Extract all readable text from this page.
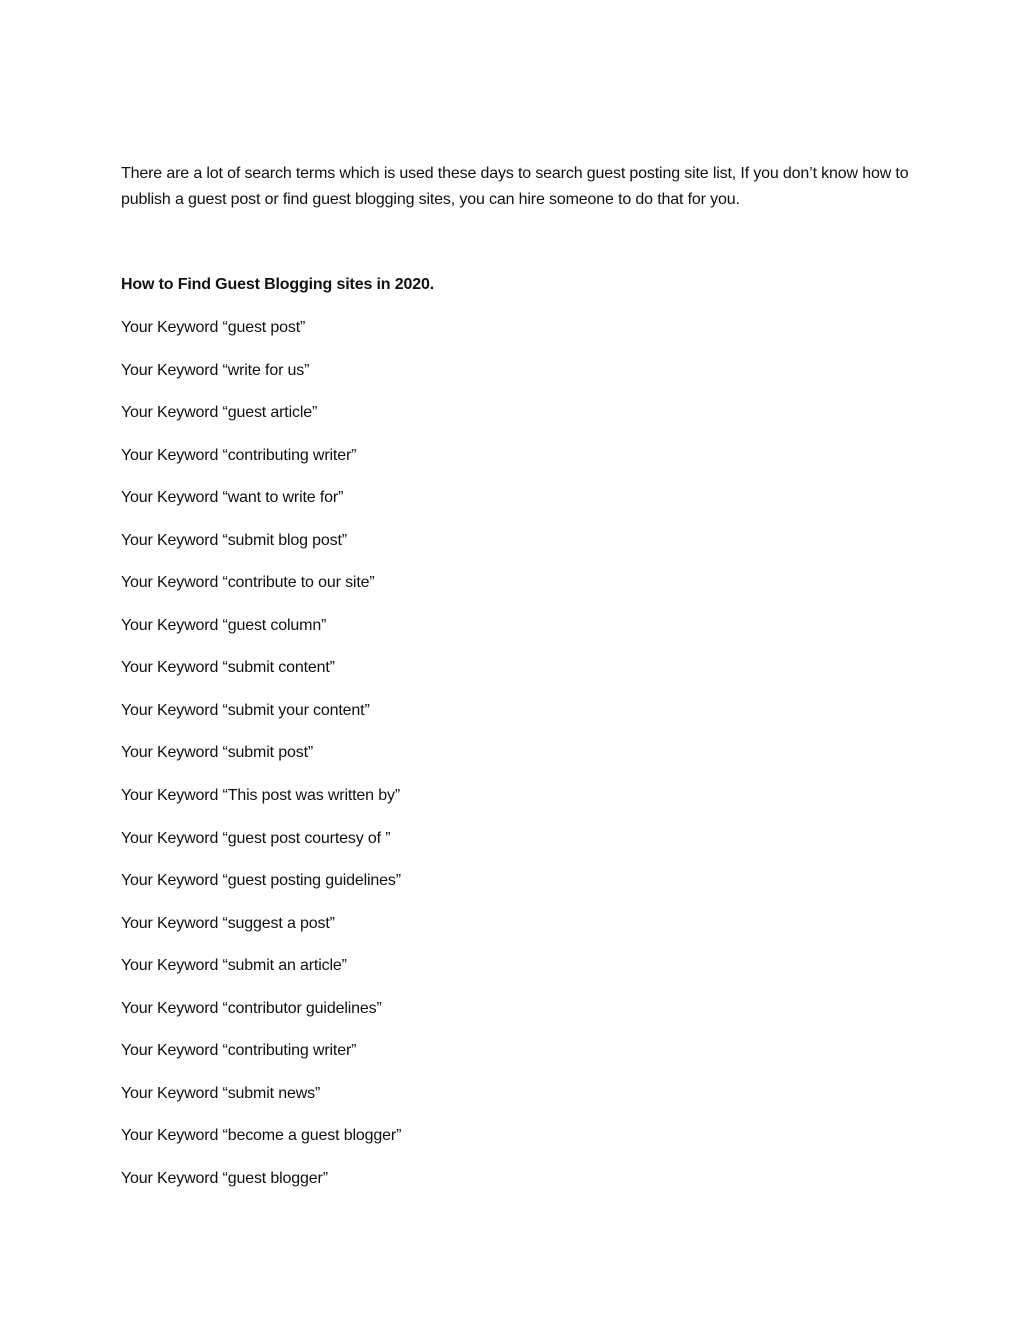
There are a lot of search terms which is used these days to search guest posting site list, If you don’t know how to publish a guest post or find guest blogging sites, you can hire someone to do that for you.

How to Find Guest Blogging sites in 2020.
Your Keyword “guest post”
Your Keyword “write for us”
Your Keyword “guest article”
Your Keyword “contributing writer”
Your Keyword “want to write for”
Your Keyword “submit blog post”
Your Keyword “contribute to our site”
Your Keyword “guest column”
Your Keyword “submit content”
Your Keyword “submit your content”
Your Keyword “submit post”
Your Keyword “This post was written by”
Your Keyword “guest post courtesy of ”
Your Keyword “guest posting guidelines”
Your Keyword “suggest a post”
Your Keyword “submit an article”
Your Keyword “contributor guidelines”
Your Keyword “contributing writer”
Your Keyword “submit news”
Your Keyword “become a guest blogger”
Your Keyword “guest blogger”
